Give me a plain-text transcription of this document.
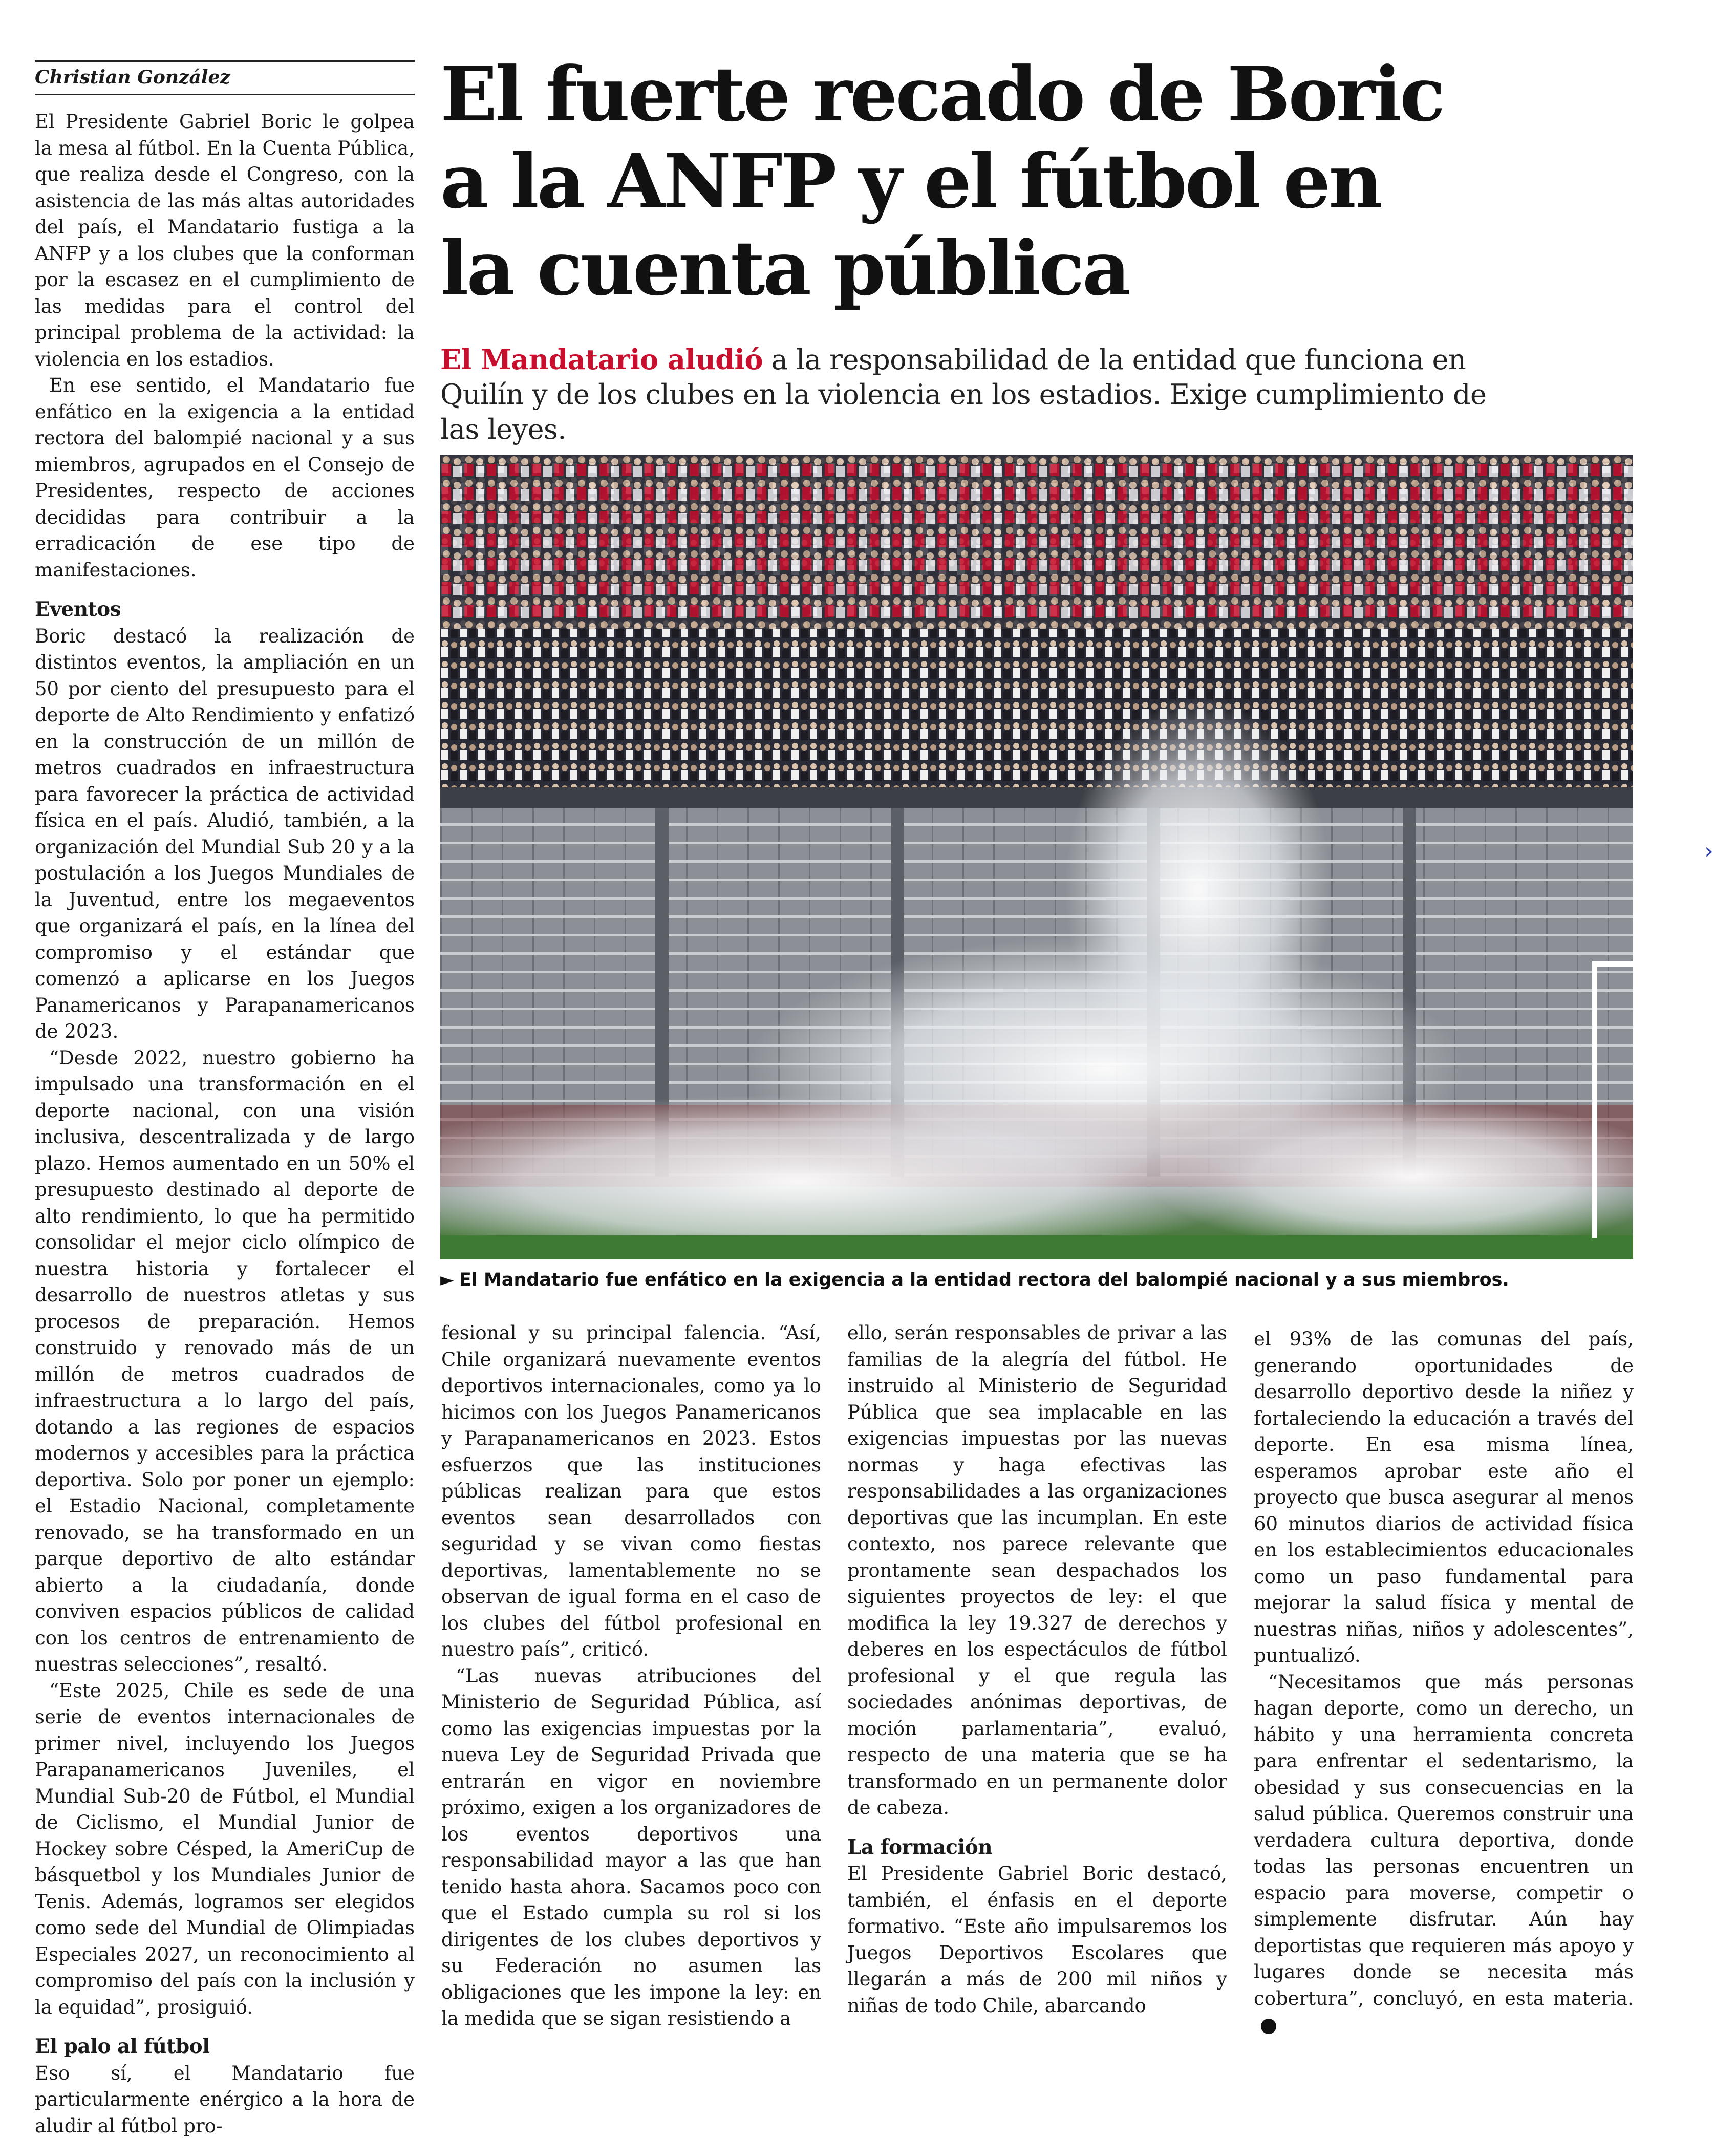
Christian González	El fuerte recado de Boric a la ANFP y el fútbol en la cuenta pública
El Mandatario aludió a la responsabilidad de la entidad que funciona en Quilín y de los clubes en la violencia en los estadios. Exige cumplimiento de las leyes.
► El Mandatario fue enfático en la exigencia a la entidad rectora del balompié nacional y a sus miembros.

El Presidente Gabriel Boric le golpea la mesa al fútbol. En la Cuenta Pública, que realiza desde el Congreso, con la asistencia de las más altas autoridades del país, el Mandatario fustiga a la ANFP y a los clubes que la conforman por la escasez en el cumplimiento de las medidas para el control del principal problema de la actividad: la violencia en los estadios.

En ese sentido, el Mandatario fue enfático en la exigencia a la entidad rectora del balompié nacional y a sus miembros, agrupados en el Consejo de Presidentes, respecto de acciones decididas para contribuir a la erradicación de ese tipo de manifestaciones.

Eventos

Boric destacó la realización de distintos eventos, la ampliación en un 50 por ciento del presupuesto para el deporte de Alto Rendimiento y enfatizó en la construcción de un millón de metros cuadrados en infraestructura para favorecer la práctica de actividad física en el país. Aludió, también, a la organización del Mundial Sub 20 y a la postulación a los Juegos Mundiales de la Juventud, entre los megaeventos que organizará el país, en la línea del compromiso y el estándar que comenzó a aplicarse en los Juegos Panamericanos y Parapanamericanos de 2023.

“Desde 2022, nuestro gobierno ha impulsado una transformación en el deporte nacional, con una visión inclusiva, descentralizada y de largo plazo. Hemos aumentado en un 50% el presupuesto destinado al deporte de alto rendimiento, lo que ha permitido consolidar el mejor ciclo olímpico de nuestra historia y fortalecer el desarrollo de nuestros atletas y sus procesos de preparación. Hemos construido y renovado más de un millón de metros cuadrados de infraestructura a lo largo del país, dotando a las regiones de espacios modernos y accesibles para la práctica deportiva. Solo por poner un ejemplo: el Estadio Nacional, completamente renovado, se ha transformado en un parque deportivo de alto estándar abierto a la ciudadanía, donde conviven espacios públicos de calidad con los centros de entrenamiento de nuestras selecciones”, resaltó.

“Este 2025, Chile es sede de una serie de eventos internacionales de primer nivel, incluyendo los Juegos Parapanamericanos Juveniles, el Mundial Sub-20 de Fútbol, el Mundial de Ciclismo, el Mundial Junior de Hockey sobre Césped, la AmeriCup de básquetbol y los Mundiales Junior de Tenis. Además, logramos ser elegidos como sede del Mundial de Olimpiadas Especiales 2027, un reconocimiento al compromiso del país con la inclusión y la equidad”, prosiguió.

El palo al fútbol

Eso sí, el Mandatario fue particularmente enérgico a la hora de aludir al fútbol pro-

fesional y su principal falencia. “Así, Chile organizará nuevamente eventos deportivos internacionales, como ya lo hicimos con los Juegos Panamericanos y Parapanamericanos en 2023. Estos esfuerzos que las instituciones públicas realizan para que estos eventos sean desarrollados con seguridad y se vivan como fiestas deportivas, lamentablemente no se observan de igual forma en el caso de los clubes del fútbol profesional en nuestro país”, criticó.

“Las nuevas atribuciones del Ministerio de Seguridad Pública, así como las exigencias impuestas por la nueva Ley de Seguridad Privada que entrarán en vigor en noviembre próximo, exigen a los organizadores de los eventos deportivos una responsabilidad mayor a las que han tenido hasta ahora. Sacamos poco con que el Estado cumpla su rol si los dirigentes de los clubes deportivos y su Federación no asumen las obligaciones que les impone la ley: en la medida que se sigan resistiendo a

ello, serán responsables de privar a las familias de la alegría del fútbol. He instruido al Ministerio de Seguridad Pública que sea implacable en las exigencias impuestas por las nuevas normas y haga efectivas las responsabilidades a las organizaciones deportivas que las incumplan. En este contexto, nos parece relevante que prontamente sean despachados los siguientes proyectos de ley: el que modifica la ley 19.327 de derechos y deberes en los espectáculos de fútbol profesional y el que regula las sociedades anónimas deportivas, de moción parlamentaria”, evaluó, respecto de una materia que se ha transformado en un permanente dolor de cabeza.

La formación

El Presidente Gabriel Boric destacó, también, el énfasis en el deporte formativo. “Este año impulsaremos los Juegos Deportivos Escolares que llegarán a más de 200 mil niños y niñas de todo Chile, abarcando

el 93% de las comunas del país, generando oportunidades de desarrollo deportivo desde la niñez y fortaleciendo la educación a través del deporte. En esa misma línea, esperamos aprobar este año el proyecto que busca asegurar al menos 60 minutos diarios de actividad física en los establecimientos educacionales como un paso fundamental para mejorar la salud física y mental de nuestras niñas, niños y adolescentes”, puntualizó.

“Necesitamos que más personas hagan deporte, como un derecho, un hábito y una herramienta concreta para enfrentar el sedentarismo, la obesidad y sus consecuencias en la salud pública. Queremos construir una verdadera cultura deportiva, donde todas las personas encuentren un espacio para moverse, competir o simplemente disfrutar. Aún hay deportistas que requieren más apoyo y lugares donde se necesita más cobertura”, concluyó, en esta materia.

›
